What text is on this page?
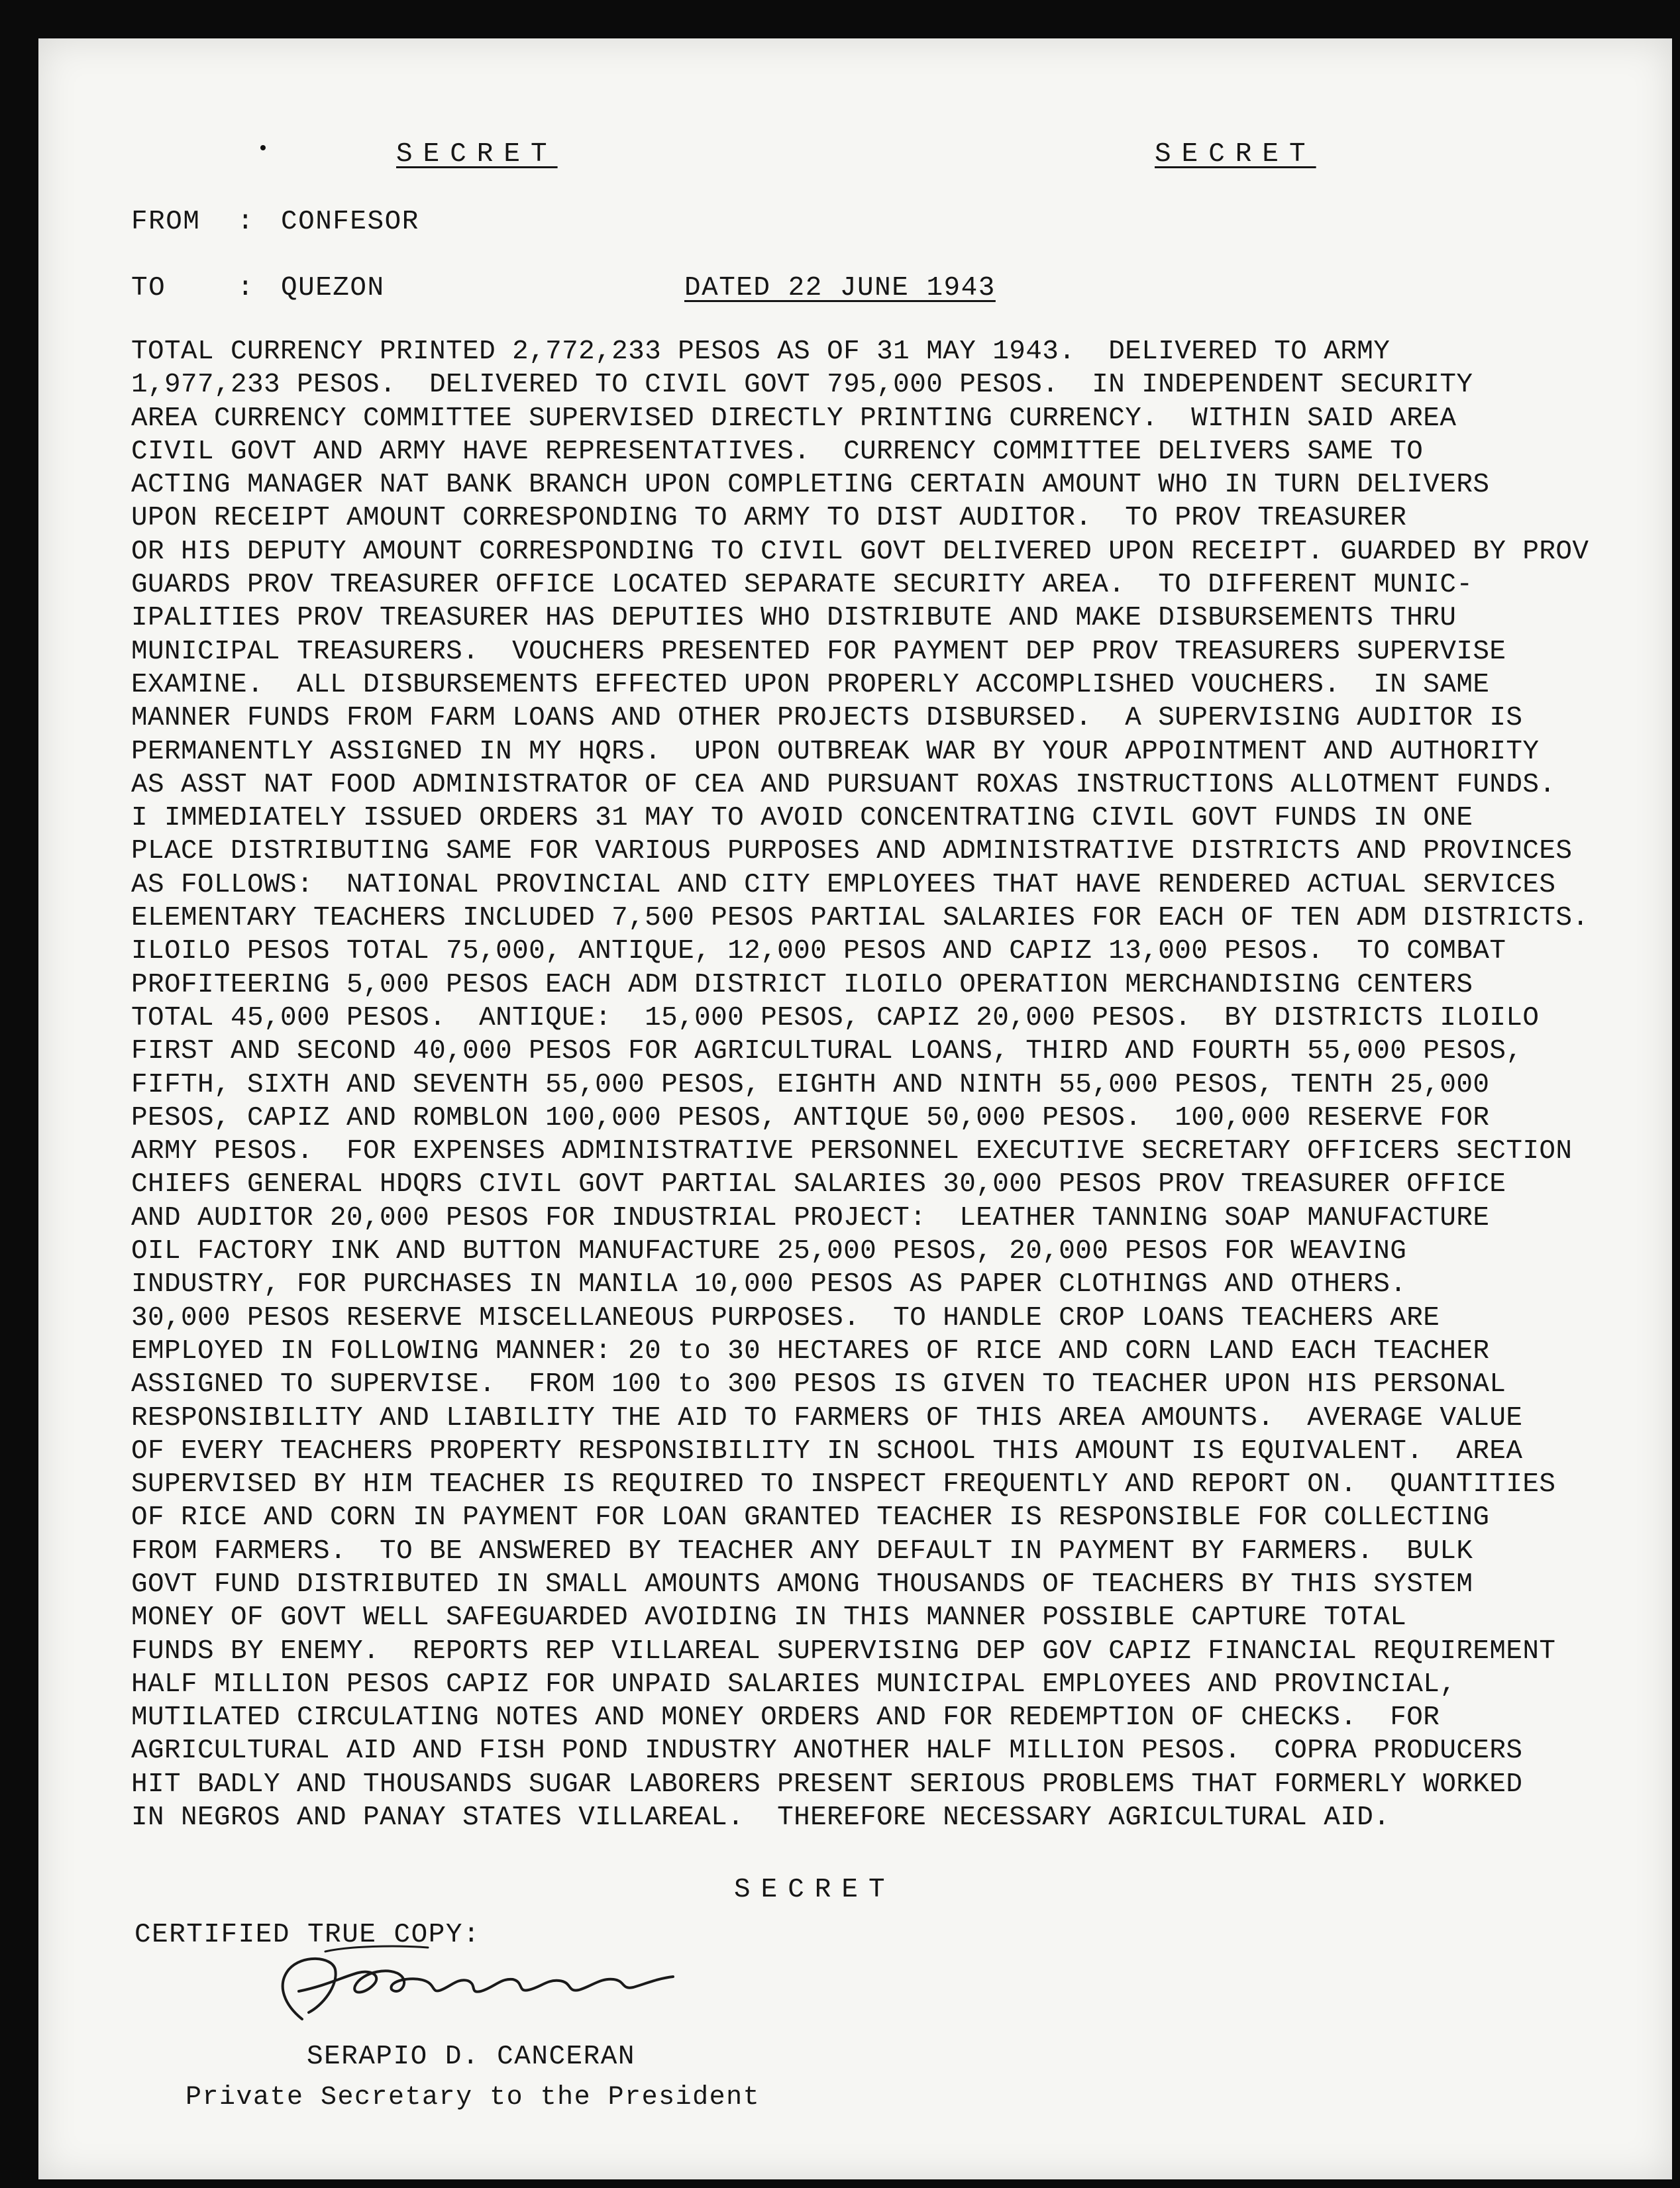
SECRET	SECRET
FROM : CONFESOR
TO	: QUEZON	DATED 22 JUNE 1943
TOTAL CURRENCY PRINTED 2,772,233 PESOS AS OF 31 MAY 1943.  DELIVERED TO ARMY
1,977,233 PESOS.  DELIVERED TO CIVIL GOVT 795,000 PESOS.  IN INDEPENDENT SECURITY
AREA CURRENCY COMMITTEE SUPERVISED DIRECTLY PRINTING CURRENCY.  WITHIN SAID AREA
CIVIL GOVT AND ARMY HAVE REPRESENTATIVES.  CURRENCY COMMITTEE DELIVERS SAME TO
ACTING MANAGER NAT BANK BRANCH UPON COMPLETING CERTAIN AMOUNT WHO IN TURN DELIVERS
UPON RECEIPT AMOUNT CORRESPONDING TO ARMY TO DIST AUDITOR.  TO PROV TREASURER
OR HIS DEPUTY AMOUNT CORRESPONDING TO CIVIL GOVT DELIVERED UPON RECEIPT. GUARDED BY PROV
GUARDS PROV TREASURER OFFICE LOCATED SEPARATE SECURITY AREA.  TO DIFFERENT MUNIC-
IPALITIES PROV TREASURER HAS DEPUTIES WHO DISTRIBUTE AND MAKE DISBURSEMENTS THRU
MUNICIPAL TREASURERS.  VOUCHERS PRESENTED FOR PAYMENT DEP PROV TREASURERS SUPERVISE
EXAMINE.  ALL DISBURSEMENTS EFFECTED UPON PROPERLY ACCOMPLISHED VOUCHERS.  IN SAME
MANNER FUNDS FROM FARM LOANS AND OTHER PROJECTS DISBURSED.  A SUPERVISING AUDITOR IS
PERMANENTLY ASSIGNED IN MY HQRS.  UPON OUTBREAK WAR BY YOUR APPOINTMENT AND AUTHORITY
AS ASST NAT FOOD ADMINISTRATOR OF CEA AND PURSUANT ROXAS INSTRUCTIONS ALLOTMENT FUNDS.
I IMMEDIATELY ISSUED ORDERS 31 MAY TO AVOID CONCENTRATING CIVIL GOVT FUNDS IN ONE
PLACE DISTRIBUTING SAME FOR VARIOUS PURPOSES AND ADMINISTRATIVE DISTRICTS AND PROVINCES
AS FOLLOWS:  NATIONAL PROVINCIAL AND CITY EMPLOYEES THAT HAVE RENDERED ACTUAL SERVICES
ELEMENTARY TEACHERS INCLUDED 7,500 PESOS PARTIAL SALARIES FOR EACH OF TEN ADM DISTRICTS.
ILOILO PESOS TOTAL 75,000, ANTIQUE, 12,000 PESOS AND CAPIZ 13,000 PESOS.  TO COMBAT
PROFITEERING 5,000 PESOS EACH ADM DISTRICT ILOILO OPERATION MERCHANDISING CENTERS
TOTAL 45,000 PESOS.  ANTIQUE:  15,000 PESOS, CAPIZ 20,000 PESOS.  BY DISTRICTS ILOILO
FIRST AND SECOND 40,000 PESOS FOR AGRICULTURAL LOANS, THIRD AND FOURTH 55,000 PESOS,
FIFTH, SIXTH AND SEVENTH 55,000 PESOS, EIGHTH AND NINTH 55,000 PESOS, TENTH 25,000
PESOS, CAPIZ AND ROMBLON 100,000 PESOS, ANTIQUE 50,000 PESOS.  100,000 RESERVE FOR
ARMY PESOS.  FOR EXPENSES ADMINISTRATIVE PERSONNEL EXECUTIVE SECRETARY OFFICERS SECTION
CHIEFS GENERAL HDQRS CIVIL GOVT PARTIAL SALARIES 30,000 PESOS PROV TREASURER OFFICE
AND AUDITOR 20,000 PESOS FOR INDUSTRIAL PROJECT:  LEATHER TANNING SOAP MANUFACTURE
OIL FACTORY INK AND BUTTON MANUFACTURE 25,000 PESOS, 20,000 PESOS FOR WEAVING
INDUSTRY, FOR PURCHASES IN MANILA 10,000 PESOS AS PAPER CLOTHINGS AND OTHERS.
30,000 PESOS RESERVE MISCELLANEOUS PURPOSES.  TO HANDLE CROP LOANS TEACHERS ARE
EMPLOYED IN FOLLOWING MANNER: 20 to 30 HECTARES OF RICE AND CORN LAND EACH TEACHER
ASSIGNED TO SUPERVISE.  FROM 100 to 300 PESOS IS GIVEN TO TEACHER UPON HIS PERSONAL
RESPONSIBILITY AND LIABILITY THE AID TO FARMERS OF THIS AREA AMOUNTS.  AVERAGE VALUE
OF EVERY TEACHERS PROPERTY RESPONSIBILITY IN SCHOOL THIS AMOUNT IS EQUIVALENT.  AREA
SUPERVISED BY HIM TEACHER IS REQUIRED TO INSPECT FREQUENTLY AND REPORT ON.  QUANTITIES
OF RICE AND CORN IN PAYMENT FOR LOAN GRANTED TEACHER IS RESPONSIBLE FOR COLLECTING
FROM FARMERS.  TO BE ANSWERED BY TEACHER ANY DEFAULT IN PAYMENT BY FARMERS.  BULK
GOVT FUND DISTRIBUTED IN SMALL AMOUNTS AMONG THOUSANDS OF TEACHERS BY THIS SYSTEM
MONEY OF GOVT WELL SAFEGUARDED AVOIDING IN THIS MANNER POSSIBLE CAPTURE TOTAL
FUNDS BY ENEMY.  REPORTS REP VILLAREAL SUPERVISING DEP GOV CAPIZ FINANCIAL REQUIREMENT
HALF MILLION PESOS CAPIZ FOR UNPAID SALARIES MUNICIPAL EMPLOYEES AND PROVINCIAL,
MUTILATED CIRCULATING NOTES AND MONEY ORDERS AND FOR REDEMPTION OF CHECKS.  FOR
AGRICULTURAL AID AND FISH POND INDUSTRY ANOTHER HALF MILLION PESOS.  COPRA PRODUCERS
HIT BADLY AND THOUSANDS SUGAR LABORERS PRESENT SERIOUS PROBLEMS THAT FORMERLY WORKED
IN NEGROS AND PANAY STATES VILLAREAL.  THEREFORE NECESSARY AGRICULTURAL AID.
SECRET
CERTIFIED TRUE COPY:
SERAPIO D. CANCERAN
Private Secretary to the President
